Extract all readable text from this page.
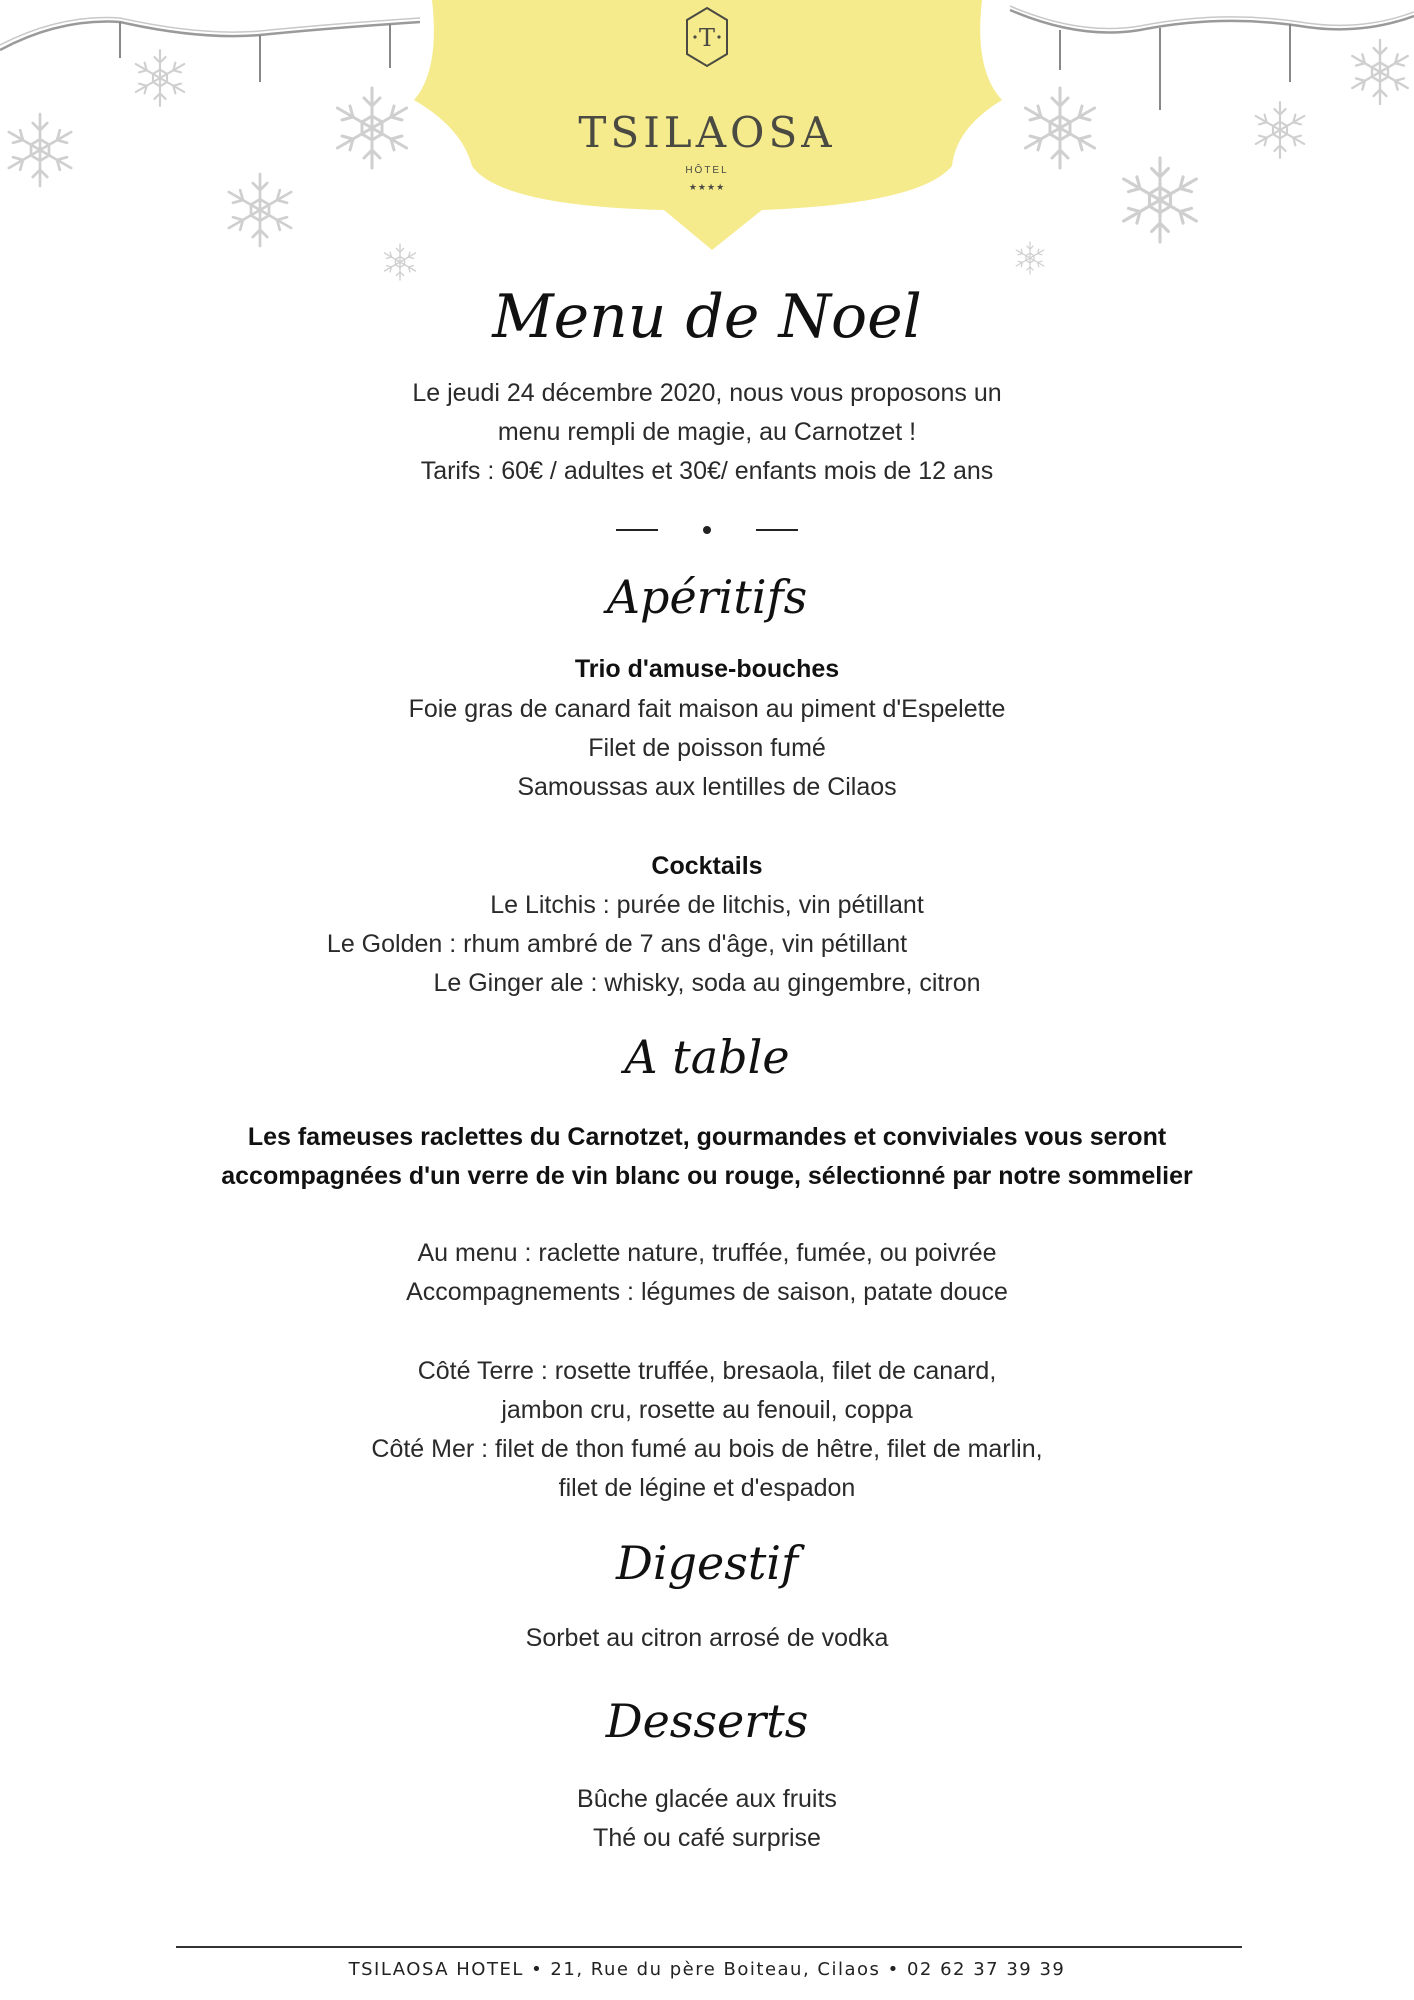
T
TSILAOSA
HÔTEL
★★★★
Menu de Noel
Le jeudi 24 décembre 2020, nous vous proposons un
menu rempli de magie, au Carnotzet !
Tarifs : 60€ / adultes et 30€/ enfants mois de 12 ans
Apéritifs
Trio d'amuse-bouches
Foie gras de canard fait maison au piment d'Espelette
Filet de poisson fumé
Samoussas aux lentilles de Cilaos
Cocktails
Le Litchis : purée de litchis, vin pétillant
Le Golden : rhum ambré de 7 ans d'âge, vin pétillant
Le Ginger ale : whisky, soda au gingembre, citron
A table
Les fameuses raclettes du Carnotzet, gourmandes et conviviales vous seront
accompagnées d'un verre de vin blanc ou rouge, sélectionné par notre sommelier
Au menu : raclette nature, truffée, fumée, ou poivrée
Accompagnements : légumes de saison, patate douce
Côté Terre : rosette truffée, bresaola, filet de canard,
jambon cru, rosette au fenouil, coppa
Côté Mer : filet de thon fumé au bois de hêtre, filet de marlin,
filet de légine et d'espadon
Digestif
Sorbet au citron arrosé de vodka
Desserts
Bûche glacée aux fruits
Thé ou café surprise
TSILAOSA HOTEL • 21, Rue du père Boiteau, Cilaos • 02 62 37 39 39
